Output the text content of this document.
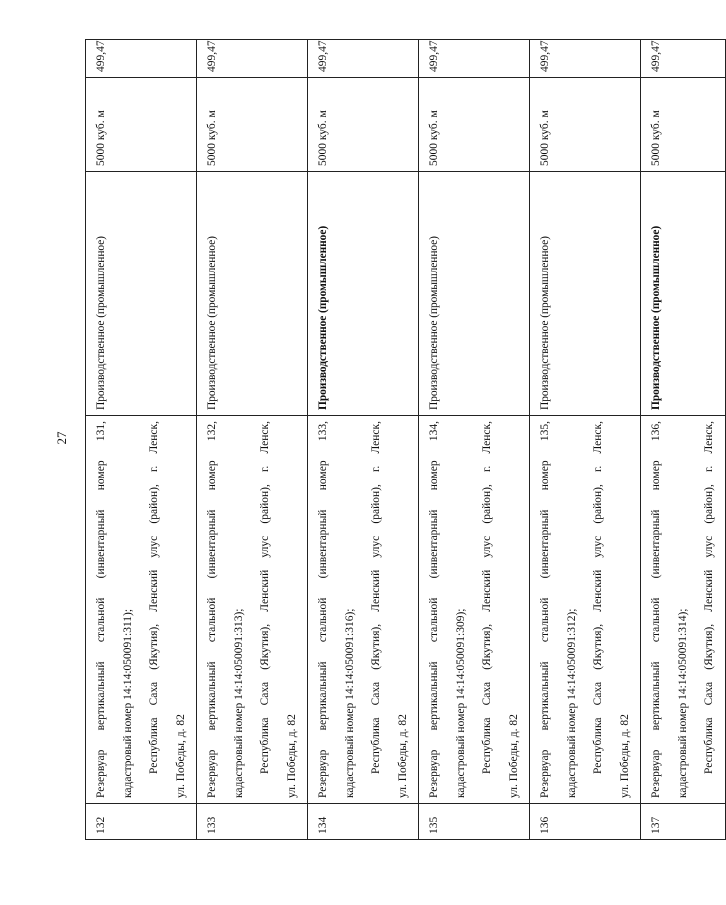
27
132	Резервуар вертикальный стальной (инвентарный номер 131, кадастровый номер 14:14:050091:311); Республика Саха (Якутия), Ленский улус (район), г. Ленск, ул. Победы, д. 82	Производственное (промышленное)	5000 куб. м	499,47
133	Резервуар вертикальный стальной (инвентарный номер 132, кадастровый номер 14:14:050091:313); Республика Саха (Якутия), Ленский улус (район), г. Ленск, ул. Победы, д. 82	Производственное (промышленное)	5000 куб. м	499,47
134	Резервуар вертикальный стальной (инвентарный номер 133, кадастровый номер 14:14:050091:316); Республика Саха (Якутия), Ленский улус (район), г. Ленск, ул. Победы, д. 82	Производственное (промышленное)	5000 куб. м	499,47
135	Резервуар вертикальный стальной (инвентарный номер 134, кадастровый номер 14:14:050091:309); Республика Саха (Якутия), Ленский улус (район), г. Ленск, ул. Победы, д. 82	Производственное (промышленное)	5000 куб. м	499,47
136	Резервуар вертикальный стальной (инвентарный номер 135, кадастровый номер 14:14:050091:312); Республика Саха (Якутия), Ленский улус (район), г. Ленск, ул. Победы, д. 82	Производственное (промышленное)	5000 куб. м	499,47
137	Резервуар вертикальный стальной (инвентарный номер 136, кадастровый номер 14:14:050091:314); Республика Саха (Якутия), Ленский улус (район), г. Ленск,	Производственное (промышленное)	5000 куб. м	499,47
